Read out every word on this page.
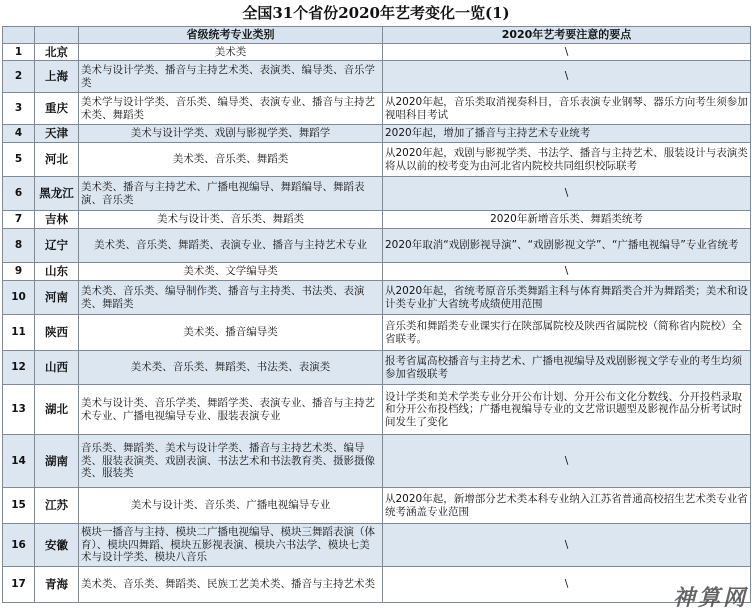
全国31个省份2020年艺考变化一览(1)
		省级统考专业类别	2020年艺考要注意的要点
1	北京	美术类	\
2	上海	美术与设计学类、播音与主持艺术类、表演类、编导类、音乐学类	\
3	重庆	美术学与设计学类、音乐类、编导类、表演专业、播音与主持艺术类、舞蹈类	从2020年起，音乐类取消视奏科目，音乐表演专业钢琴、器乐方向考生须参加视唱科目考试
4	天津	美术与设计学类、戏剧与影视学类、舞蹈学	2020年起，增加了播音与主持艺术专业统考
5	河北	美术类、音乐类、舞蹈类	从2020年起，戏剧与影视学类、书法学、播音与主持艺术、服装设计与表演类将从以前的校考变为由河北省内院校共同组织校际联考
6	黑龙江	美术类、播音与主持艺术、广播电视编导、舞蹈编导、舞蹈表演、音乐类	\
7	吉林	美术与设计类、音乐类、舞蹈类	2020年新增音乐类、舞蹈类统考
8	辽宁	美术类、音乐类、舞蹈类、表演专业、播音与主持艺术专业	2020年取消“戏剧影视导演”、“戏剧影视文学”、“广播电视编导”专业省统考
9	山东	美术类、文学编导类	\
10	河南	美术类、音乐类、编导制作类、播音与主持类、书法类、表演类、舞蹈类	从2020年起，省统考原音乐类舞蹈主科与体育舞蹈类合并为舞蹈类；美术和设计类专业扩大省统考成绩使用范围
11	陕西	美术类、播音编导类	音乐类和舞蹈类专业课实行在陕部属院校及陕西省属院校（简称省内院校）全省联考。
12	山西	美术类、音乐类、舞蹈类、书法类、表演类	报考省属高校播音与主持艺术、广播电视编导及戏剧影视文学专业的考生均须参加省级联考
13	湖北	美术与设计类、音乐学类、舞蹈学类、表演专业、播音与主持艺术专业、广播电视编导专业、服装表演专业	设计学类和美术学类专业分开公布计划、分开公布文化分数线、分开投档录取和分开公布投档线；广播电视编导专业的文艺常识题型及影视作品分析考试时间发生了变化
14	湖南	音乐类、舞蹈类、美术与设计学类、播音与主持艺术类、编导类、服装表演类、戏剧表演、书法艺术和书法教育类、摄影摄像类、服装类	\
15	江苏	美术与设计类、音乐类、广播电视编导专业	从2020年起，新增部分艺术类本科专业纳入江苏省普通高校招生艺术类专业省统考涵盖专业范围
16	安徽	模块一播音与主持、模块二广播电视编导、模块三舞蹈表演（体育）、模块四舞蹈、模块五影视表演、模块六书法学、模块七美术与设计学类、模块八音乐	\
17	青海	美术类、音乐类、舞蹈类、民族工艺美术类、播音与主持艺术类	\
神算网
